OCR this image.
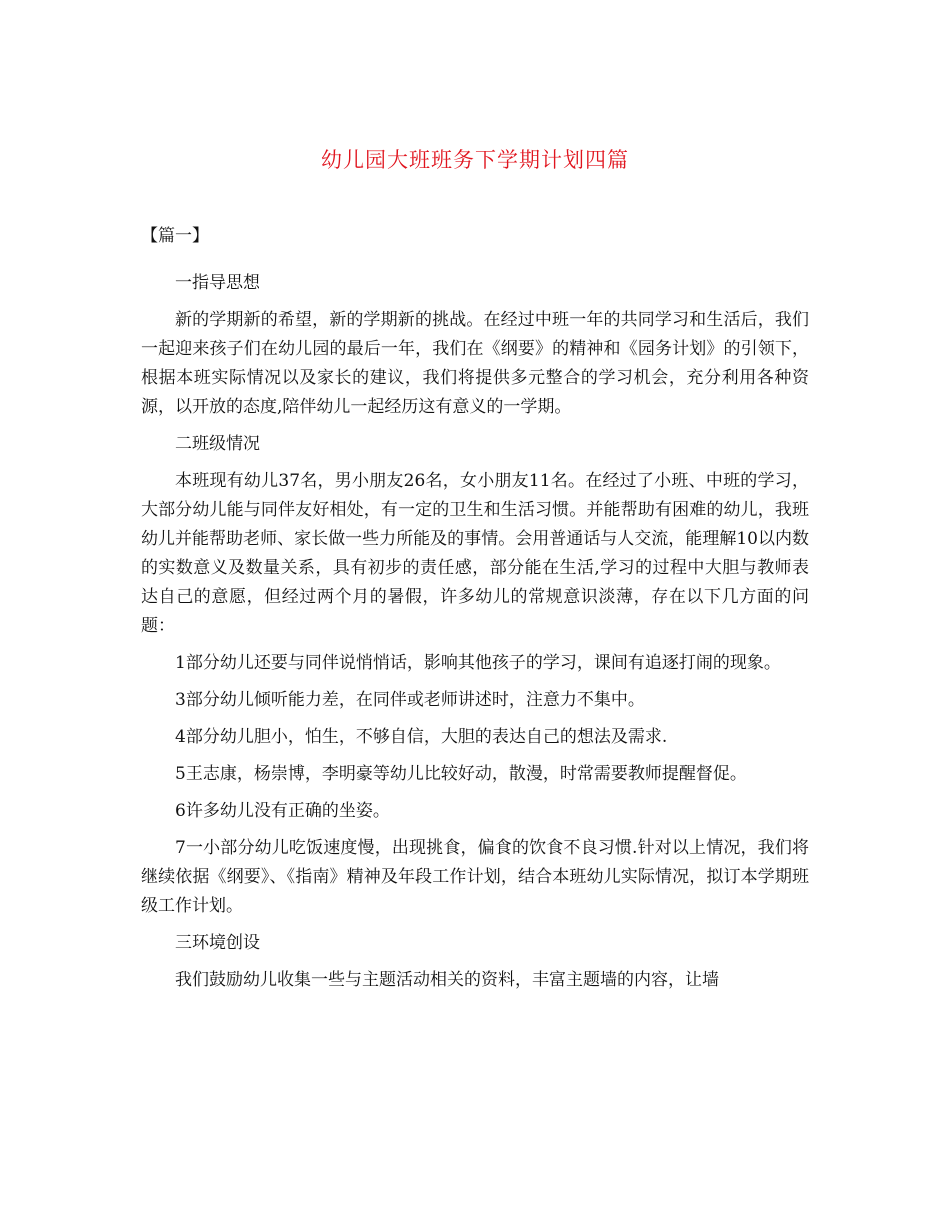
幼儿园大班班务下学期计划四篇

【篇一】

一指导思想

新的学期新的希望，新的学期新的挑战。在经过中班一年的共同学习和生活后，我们一起迎来孩子们在幼儿园的最后一年，我们在《纲要》的精神和《园务计划》的引领下，根据本班实际情况以及家长的建议，我们将提供多元整合的学习机会，充分利用各种资源，以开放的态度,陪伴幼儿一起经历这有意义的一学期。

二班级情况

本班现有幼儿37名，男小朋友26名，女小朋友11名。在经过了小班、中班的学习，大部分幼儿能与同伴友好相处，有一定的卫生和生活习惯。并能帮助有困难的幼儿，我班幼儿并能帮助老师、家长做一些力所能及的事情。会用普通话与人交流，能理解10以内数的实数意义及数量关系，具有初步的责任感，部分能在生活,学习的过程中大胆与教师表达自己的意愿，但经过两个月的暑假，许多幼儿的常规意识淡薄，存在以下几方面的问题：

1部分幼儿还要与同伴说悄悄话，影响其他孩子的学习，课间有追逐打闹的现象。

3部分幼儿倾听能力差，在同伴或老师讲述时，注意力不集中。

4部分幼儿胆小，怕生，不够自信，大胆的表达自己的想法及需求.

5王志康，杨崇博，李明豪等幼儿比较好动，散漫，时常需要教师提醒督促。

6许多幼儿没有正确的坐姿。

7一小部分幼儿吃饭速度慢，出现挑食，偏食的饮食不良习惯.针对以上情况，我们将继续依据《纲要》、《指南》精神及年段工作计划，结合本班幼儿实际情况，拟订本学期班级工作计划。

三环境创设

我们鼓励幼儿收集一些与主题活动相关的资料，丰富主题墙的内容，让墙
